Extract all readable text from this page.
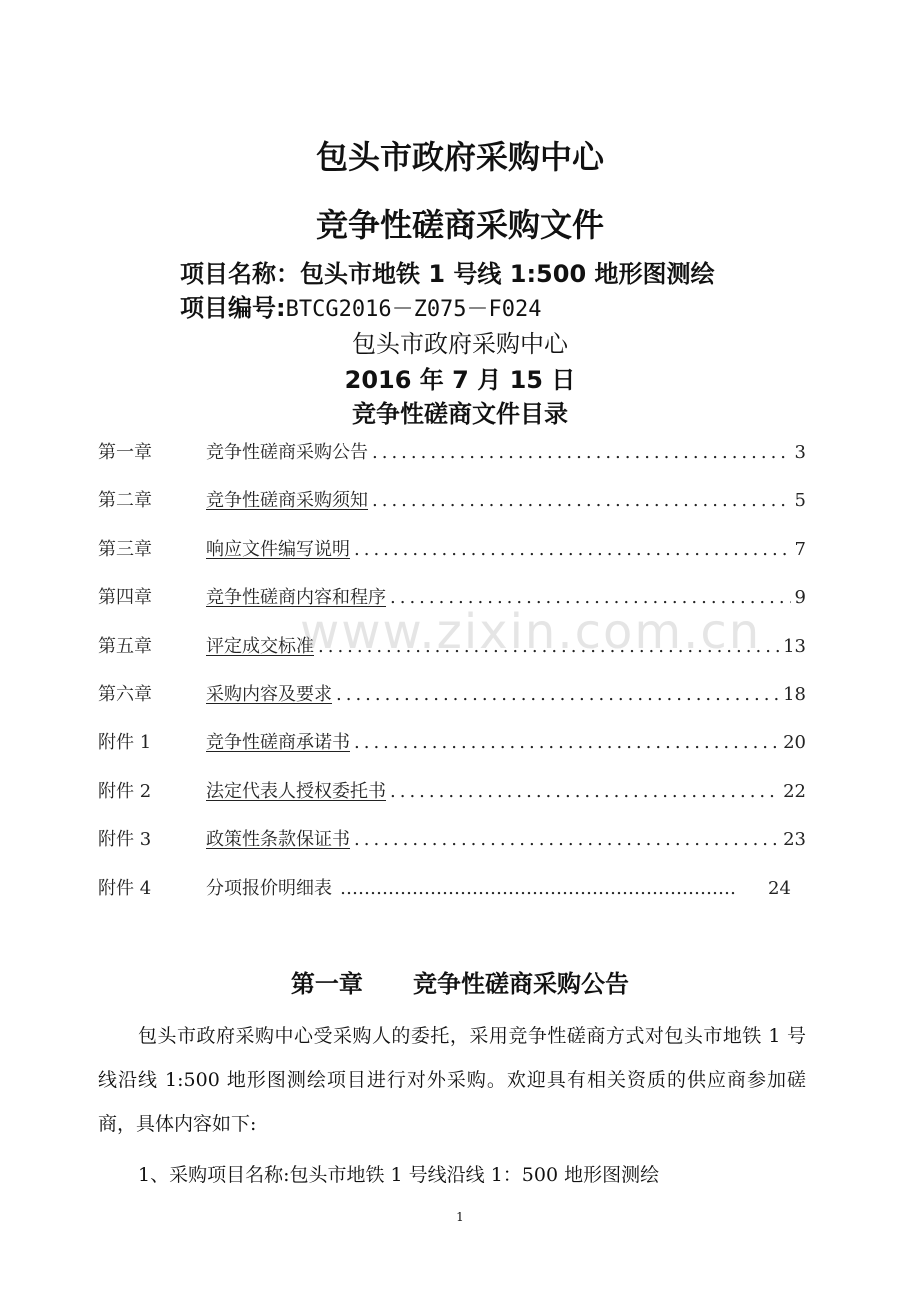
包头市政府采购中心
竞争性磋商采购文件
项目名称：包头市地铁 1 号线 1:500 地形图测绘
项目编号:BTCG2016－Z075－F024
包头市政府采购中心
2016 年 7 月 15 日
竞争性磋商文件目录
第一章	竞争性磋商采购公告 .....	3
第二章	竞争性磋商采购须知 .....	5
第三章	响应文件编写说明 .....	7
第四章	竞争性磋商内容和程序 .....	9
第五章	评定成交标准 .....	13
第六章	采购内容及要求 .....	18
附件 1	竞争性磋商承诺书 .....	20
附件 2	法定代表人授权委托书 .....	22
附件 3	政策性条款保证书 .....	23
附件 4	分项报价明细表 …………………………………………………………	24
www.zixin.com.cn
第一章      竞争性磋商采购公告

包头市政府采购中心受采购人的委托，采用竞争性磋商方式对包头市地铁 1 号线沿线 1:500 地形图测绘项目进行对外采购。欢迎具有相关资质的供应商参加磋商，具体内容如下:

1、采购项目名称:包头市地铁 1 号线沿线 1：500 地形图测绘
1
